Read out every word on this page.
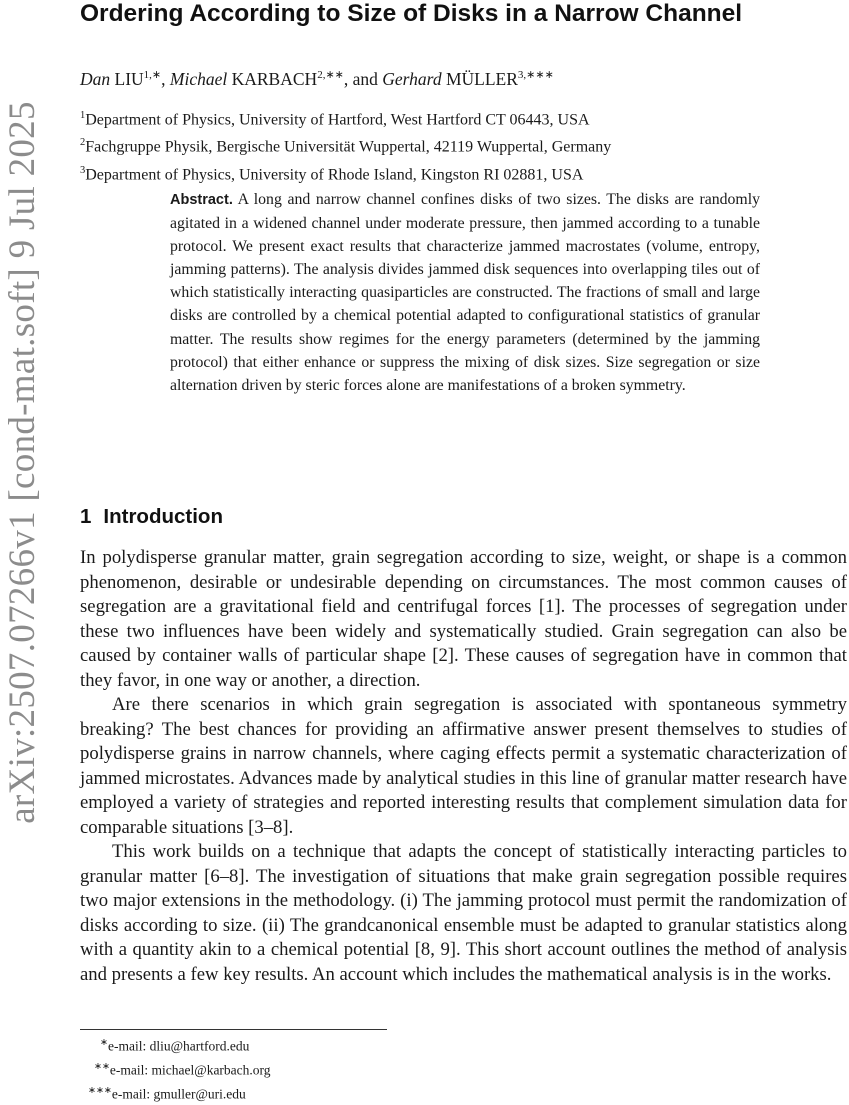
arXiv:2507.07266v1 [cond-mat.soft] 9 Jul 2025
Ordering According to Size of Disks in a Narrow Channel
Dan $LIU^{1,∗}$, Michael $KARBACH^{2,∗∗}$, and Gerhard $MÜLLER^{3,∗∗∗}$
$^1$Department of Physics, University of Hartford, West Hartford CT 06443, USA
$^2$Fachgruppe Physik, Bergische Universität Wuppertal, 42119 Wuppertal, Germany
$^3$Department of Physics, University of Rhode Island, Kingston RI 02881, USA
Abstract. A long and narrow channel confines disks of two sizes. The disks are randomly agitated in a widened channel under moderate pressure, then jammed according to a tunable protocol. We present exact results that characterize jammed macrostates (volume, entropy, jamming patterns). The analysis divides jammed disk sequences into overlapping tiles out of which statistically interacting quasiparticles are constructed. The fractions of small and large disks are controlled by a chemical potential adapted to configurational statistics of granular matter. The results show regimes for the energy parameters (determined by the jamming protocol) that either enhance or suppress the mixing of disk sizes. Size segregation or size alternation driven by steric forces alone are manifestations of a broken symmetry.
1 Introduction

In polydisperse granular matter, grain segregation according to size, weight, or shape is a common phenomenon, desirable or undesirable depending on circumstances. The most common causes of segregation are a gravitational field and centrifugal forces [1]. The processes of segregation under these two influences have been widely and systematically studied. Grain segregation can also be caused by container walls of particular shape [2]. These causes of segregation have in common that they favor, in one way or another, a direction.

Are there scenarios in which grain segregation is associated with spontaneous symmetry breaking? The best chances for providing an affirmative answer present themselves to studies of polydisperse grains in narrow channels, where caging effects permit a systematic characterization of jammed microstates. Advances made by analytical studies in this line of granular matter research have employed a variety of strategies and reported interesting results that complement simulation data for comparable situations [3–8].

This work builds on a technique that adapts the concept of statistically interacting particles to granular matter [6–8]. The investigation of situations that make grain segregation possible requires two major extensions in the methodology. (i) The jamming protocol must permit the randomization of disks according to size. (ii) The grandcanonical ensemble must be adapted to granular statistics along with a quantity akin to a chemical potential [8, 9]. This short account outlines the method of analysis and presents a few key results. An account which includes the mathematical analysis is in the works.

∗e-mail: dliu@hartford.edu
∗∗e-mail: michael@karbach.org
∗∗∗e-mail: gmuller@uri.edu
